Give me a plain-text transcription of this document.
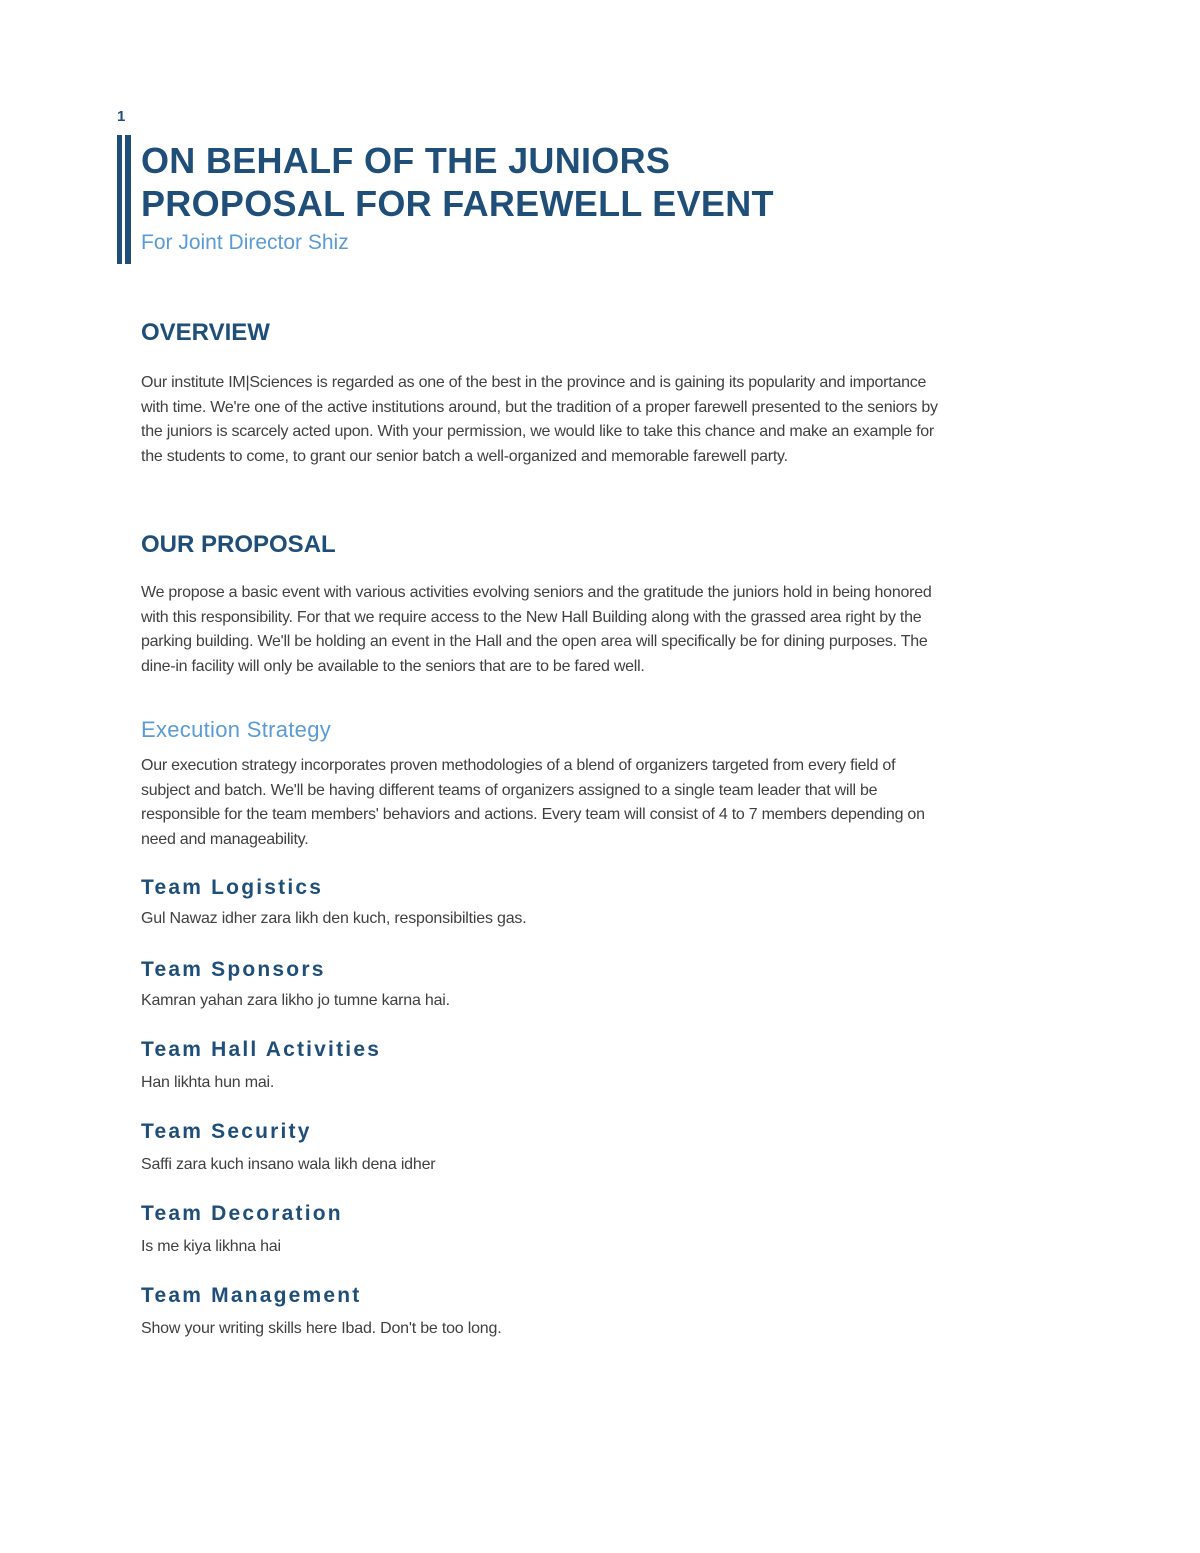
1
ON BEHALF OF THE JUNIORS
PROPOSAL FOR FAREWELL EVENT
For Joint Director Shiz
OVERVIEW
Our institute IM|Sciences is regarded as one of the best in the province and is gaining its popularity and importance
with time. We're one of the active institutions around, but the tradition of a proper farewell presented to the seniors by
the juniors is scarcely acted upon. With your permission, we would like to take this chance and make an example for
the students to come, to grant our senior batch a well-organized and memorable farewell party.
OUR PROPOSAL
We propose a basic event with various activities evolving seniors and the gratitude the juniors hold in being honored
with this responsibility. For that we require access to the New Hall Building along with the grassed area right by the
parking building. We'll be holding an event in the Hall and the open area will specifically be for dining purposes. The
dine-in facility will only be available to the seniors that are to be fared well.
Execution Strategy
Our execution strategy incorporates proven methodologies of a blend of organizers targeted from every field of
subject and batch. We'll be having different teams of organizers assigned to a single team leader that will be
responsible for the team members' behaviors and actions. Every team will consist of 4 to 7 members depending on
need and manageability.
Team Logistics
Gul Nawaz idher zara likh den kuch, responsibilties gas.
Team Sponsors
Kamran yahan zara likho jo tumne karna hai.
Team Hall Activities
Han likhta hun mai.
Team Security
Saffi zara kuch insano wala likh dena idher
Team Decoration
Is me kiya likhna hai
Team Management
Show your writing skills here Ibad. Don't be too long.
